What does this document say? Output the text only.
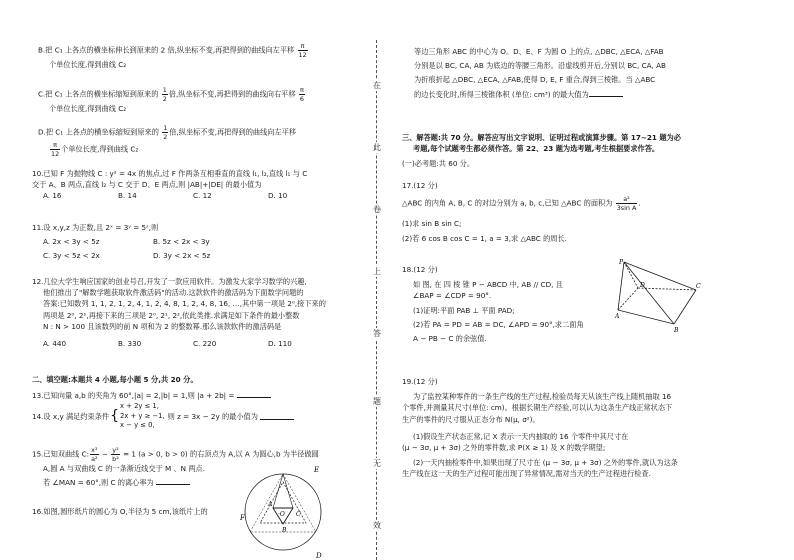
B.把 C₁ 上各点的横坐标伸长到原来的 2 倍,纵坐标不变,再把得到的曲线向左平移 $\frac{\pi}{12}$

个单位长度,得到曲线 C₂

C.把 C₁ 上各点的横坐标缩短到原来的 $\frac{1}{2}$ 倍,纵坐标不变,再把得到的曲线向右平移 $\frac{\pi}{6}$

个单位长度,得到曲线 C₂

D.把 C₁ 上各点的横坐标缩短到原来的 $\frac{1}{2}$ 倍,纵坐标不变,再把得到的曲线向左平移

$\frac{\pi}{12}$ 个单位长度,得到曲线 C₂

10.已知 F 为抛物线 C : y² = 4x 的焦点,过 F 作两条互相垂直的直线 l₁, l₂,直线 l₁ 与 C

交于 A、B 两点,直线 l₂ 与 C 交于 D、E 两点,则 |AB|+|DE| 的最小值为

A. 16	B. 14	C. 12	D. 10

11.设 x,y,z 为正数,且 2ˣ = 3ʸ = 5ᶻ,则

A. 2x < 3y < 5z	B. 5z < 2x < 3y
C. 3y < 5z < 2x	D. 3y < 2x < 5z

12.几位大学生响应国家的创业号召,开发了一款应用软件。为激发大家学习数学的兴趣,

他们推出了"解数学题获取软件激活码"的活动.这款软件的激活码为下面数学问题的

答案:已知数列 1, 1, 2, 1, 2, 4, 1, 2, 4, 8, 1, 2, 4, 8, 16, …,其中第一项是 2⁰,接下来的

两项是 2⁰, 2¹,再接下来的三项是 2⁰, 2¹, 2²,依此类推.求满足如下条件的最小整数

N : N > 100 且该数列的前 N 项和为 2 的整数幂.那么该款软件的激活码是

A. 440	B. 330	C. 220	D. 110

二、填空题:本题共 4 小题,每小题 5 分,共 20 分。

13.已知向量 a,b 的夹角为 60°,|a| = 2,|b| = 1,则 |a + 2b| =

14.设 x,y 满足约束条件 {
x + 2y ≤ 1,
2x + y ≥ −1,
x − y ≤ 0,
则 z = 3x − 2y 的最小值为

15.已知双曲线 C: $\frac{\text{x²}}{\text{a²}} - \frac{\text{y²}}{\text{b²}} = 1$ (a > 0, b > 0) 的右顶点为 A,以 A 为圆心,b 为半径做圆

A,圆 A 与双曲线 C 的一条渐近线交于 M 、N 两点.

若 ∠MAN = 60°,则 C 的离心率为

16.如图,圆形纸片的圆心为 O,半径为 5 cm,该纸片上的

E
F
A
B
C
D
·O
在
此
卷
上
答
题
无
效

等边三角形 ABC 的中心为 O。D、E、F 为圆 O 上的点, △DBC, △ECA, △FAB

分别是以 BC, CA, AB 为底边的等腰三角形。沿虚线剪开后,分别以 BC, CA, AB

为折痕折起 △DBC, △ECA, △FAB,使得 D, E, F 重合,得到三棱锥。当 △ABC

的边长变化时,所得三棱锥体积 (单位: cm³) 的最大值为

三、解答题:共 70 分。解答应写出文字说明、证明过程或演算步骤。第 17~21 题为必

考题,每个试题考生都必须作答。第 22、23 题为选考题,考生根据要求作答。

(一)必考题:共 60 分。

17.(12 分)

△ABC 的内角 A, B, C 的对边分别为 a, b, c,已知 △ABC 的面积为 $\frac{\text{a²}}{\text{3sin A}}$ .

(1)求 sin B sin C;

(2)若 6 cos B cos C = 1, a = 3,求 △ABC 的周长.

18.(12 分)

如 图, 在 四 棱 锥 P − ABCD 中, AB // CD, 且

∠BAP = ∠CDP = 90°.

(1)证明:平面 PAB ⊥ 平面 PAD;

(2)若 PA = PD = AB = DC, ∠APD = 90°,求二面角

A − PB − C 的余弦值.

19.(12 分)

为了监控某种零件的一条生产线的生产过程,检验员每天从该生产线上随机抽取 16

个零件,并测量其尺寸(单位: cm)。根据长期生产经验,可以认为这条生产线正常状态下

生产的零件的尺寸服从正态分布 N(μ, σ²)。

(1)假设生产状态正常,记 X 表示一天内抽取的 16 个零件中其尺寸在

(μ − 3σ, μ + 3σ) 之外的零件数,求 P(X ≥ 1) 及 X 的数学期望;

(2)一天内抽检零件中,如果出现了尺寸在 (μ − 3σ, μ + 3σ) 之外的零件,就认为这条

生产线在这一天的生产过程可能出现了异常情况,需对当天的生产过程进行检查.

P
A
D
B
C
